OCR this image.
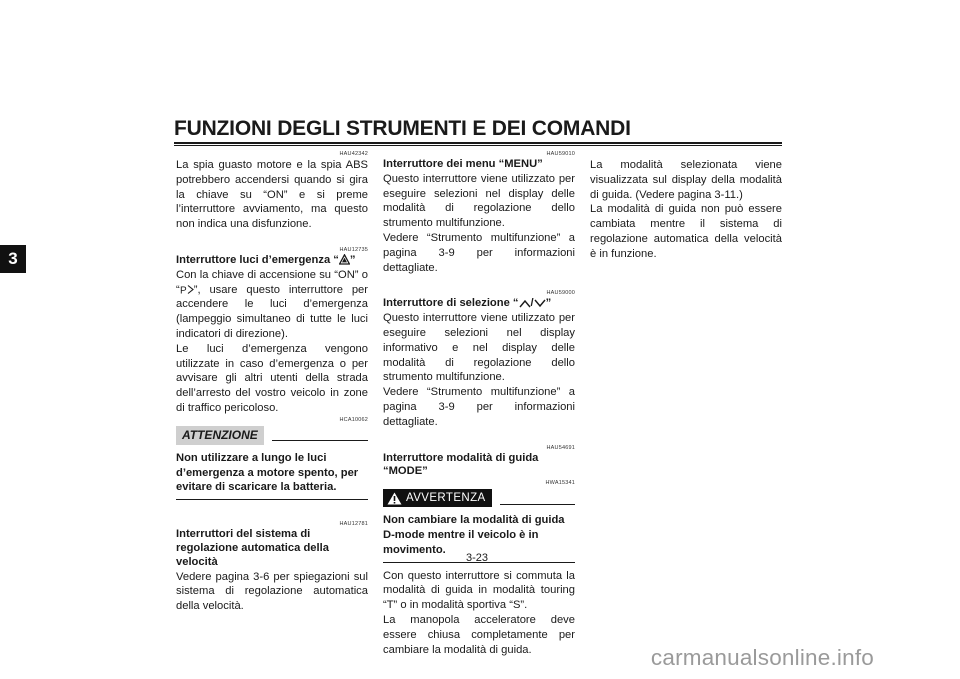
FUNZIONI DEGLI STRUMENTI E DEI COMANDI
3
HAU42342

La spia guasto motore e la spia ABS potrebbero accendersi quando si gira la chiave su “ON” e si preme l’interruttore avviamento, ma questo non indica una disfunzione.

HAU12735
Interruttore luci d’emergenza “ ”

Con la chiave di accensione su “ON” o “ P ”, usare questo interruttore per accendere le luci d’emergenza (lampeggio simultaneo di tutte le luci indicatori di direzione).

Le luci d’emergenza vengono utilizzate in caso d’emergenza o per avvisare gli altri utenti della strada dell’arresto del vostro veicolo in zone di traffico pericoloso.

HCA10062
ATTENZIONE

Non utilizzare a lungo le luci d’emergenza a motore spento, per evitare di scaricare la batteria.

HAU12781
Interruttori del sistema di regolazione automatica della velocità

Vedere pagina 3-6 per spiegazioni sul sistema di regolazione automatica della velocità.

HAU59010
Interruttore dei menu “MENU”

Questo interruttore viene utilizzato per eseguire selezioni nel display delle modalità di regolazione dello strumento multifunzione.

Vedere “Strumento multifunzione” a pagina 3-9 per informazioni dettagliate.

HAU59000
Interruttore di selezione “ / ”

Questo interruttore viene utilizzato per eseguire selezioni nel display informativo e nel display delle modalità di regolazione dello strumento multifunzione.

Vedere “Strumento multifunzione” a pagina 3-9 per informazioni dettagliate.

HAU54691
Interruttore modalità di guida “MODE”
HWA15341
AVVERTENZA

Non cambiare la modalità di guida D-mode mentre il veicolo è in movimento.

Con questo interruttore si commuta la modalità di guida in modalità touring “T” o in modalità sportiva “S”.

La manopola acceleratore deve essere chiusa completamente per cambiare la modalità di guida.

La modalità selezionata viene visualizzata sul display della modalità di guida. (Vedere pagina 3-11.)

La modalità di guida non può essere cambiata mentre il sistema di regolazione automatica della velocità è in funzione.

3-23
carmanualsonline.info
